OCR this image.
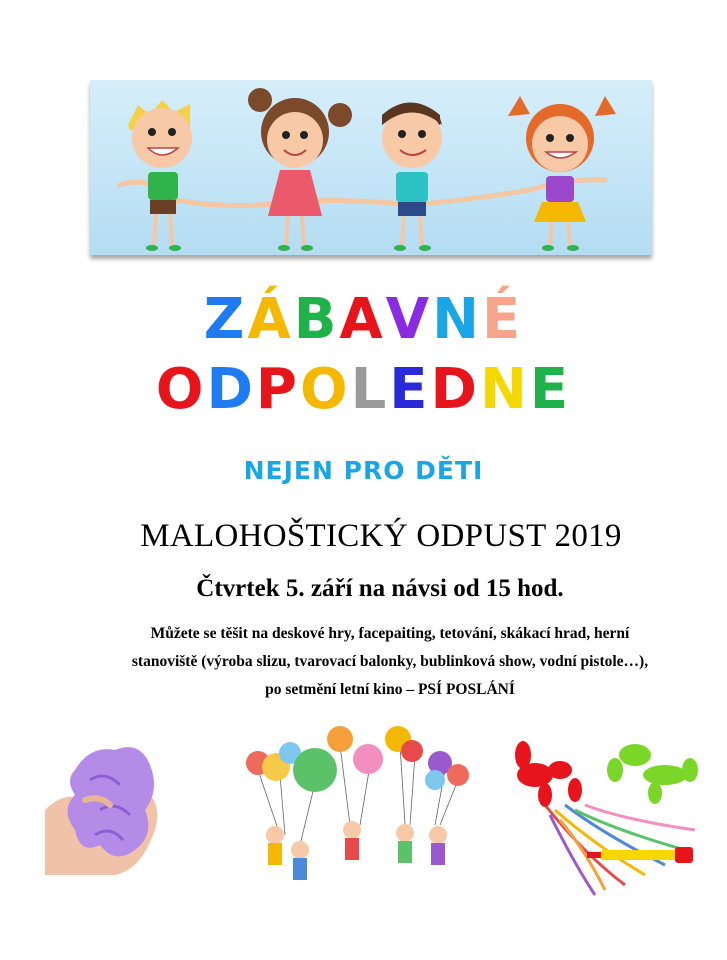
ZÁBAVNÉ
ODPOLEDNE
NEJEN PRO DĚTI
MALOHOŠTICKÝ ODPUST 2019
Čtvrtek 5. září na návsi od 15 hod.
Můžete se těšit na deskové hry, facepaiting, tetování, skákací hrad, herní
stanoviště (výroba slizu, tvarovací balonky, bublinková show, vodní pistole…),
po setmění letní kino – PSÍ POSLÁNÍ
